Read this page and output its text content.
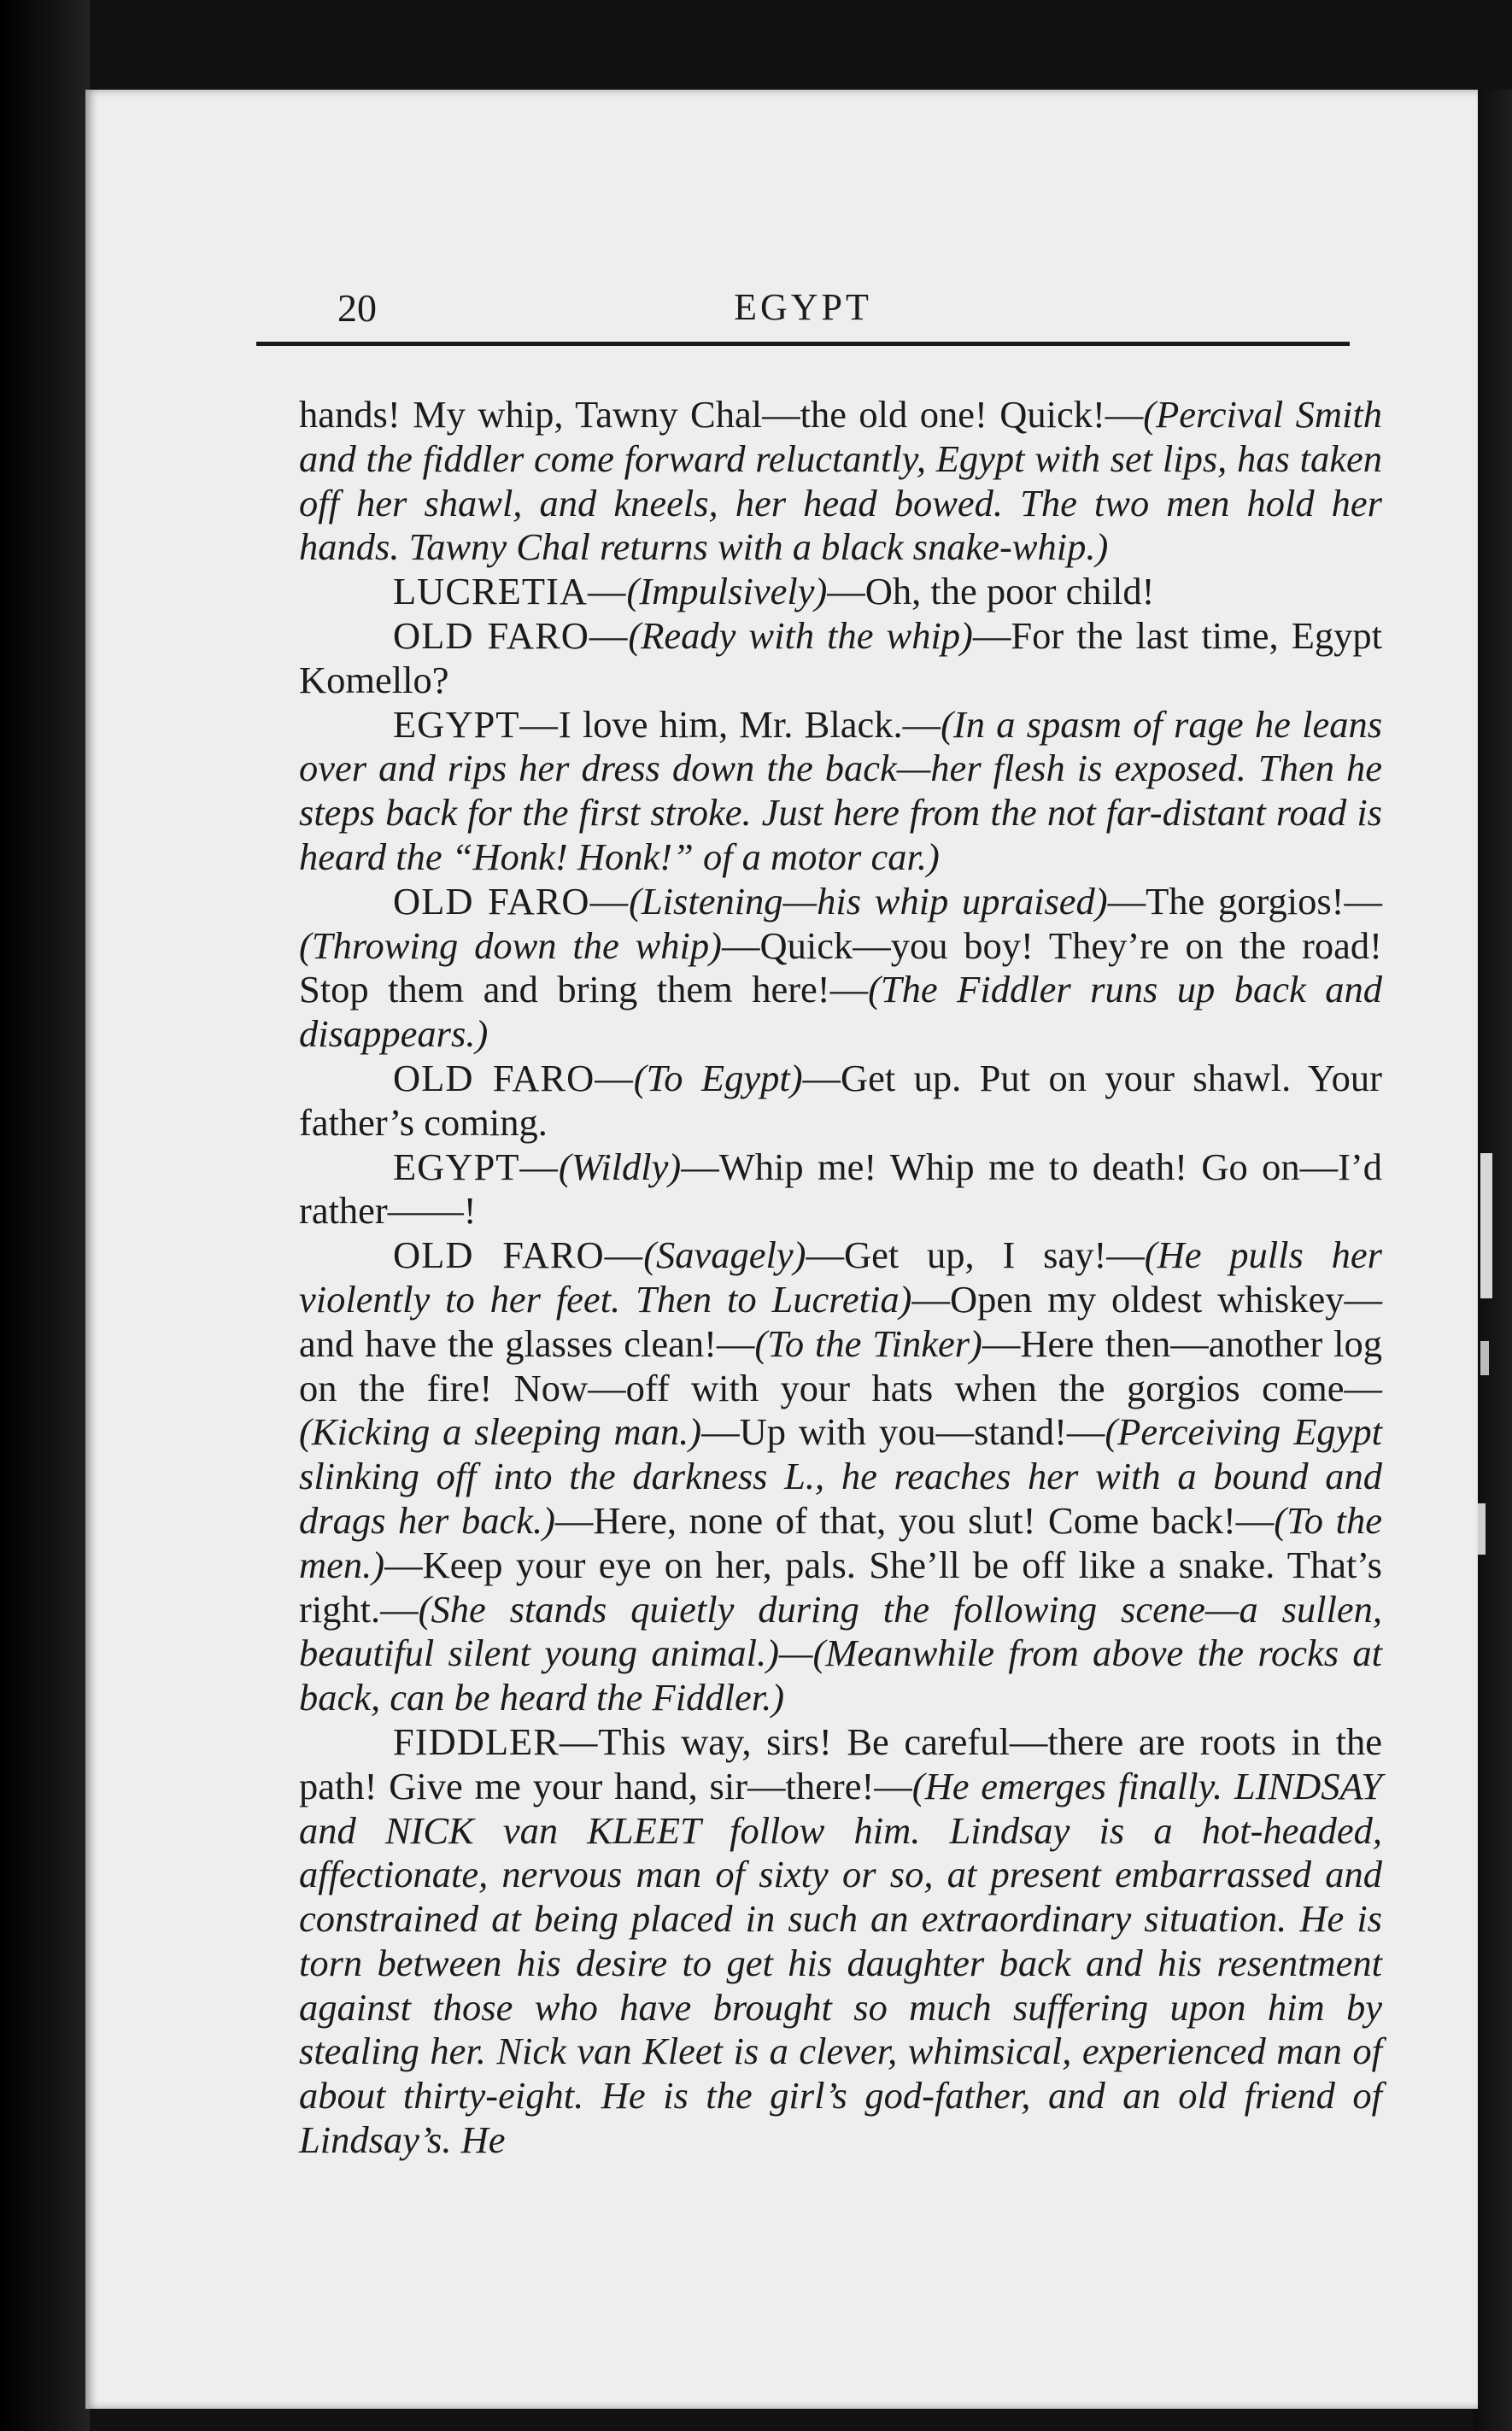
20	EGYPT

hands! My whip, Tawny Chal—the old one! Quick!—(Percival Smith and the fiddler come forward reluctantly, Egypt with set lips, has taken off her shawl, and kneels, her head bowed. The two men hold her hands. Tawny Chal returns with a black snake-whip.)

LUCRETIA—(Impulsively)—Oh, the poor child!

OLD FARO—(Ready with the whip)—For the last time, Egypt Komello?

EGYPT—I love him, Mr. Black.—(In a spasm of rage he leans over and rips her dress down the back—her flesh is exposed. Then he steps back for the first stroke. Just here from the not far-distant road is heard the “Honk! Honk!” of a motor car.)

OLD FARO—(Listening—his whip upraised)—The gorgios!—(Throwing down the whip)—Quick—you boy! They’re on the road! Stop them and bring them here!—(The Fiddler runs up back and disappears.)

OLD FARO—(To Egypt)—Get up. Put on your shawl. Your father’s coming.

EGYPT—(Wildly)—Whip me! Whip me to death! Go on—I’d rather——!

OLD FARO—(Savagely)—Get up, I say!—(He pulls her violently to her feet. Then to Lucretia)—Open my oldest whiskey—and have the glasses clean!—(To the Tinker)—Here then—another log on the fire! Now—off with your hats when the gorgios come—(Kicking a sleeping man.)—Up with you—stand!—(Perceiving Egypt slinking off into the darkness L., he reaches her with a bound and drags her back.)—Here, none of that, you slut! Come back!—(To the men.)—Keep your eye on her, pals. She’ll be off like a snake. That’s right.—(She stands quietly during the following scene—a sullen, beautiful silent young animal.)—(Meanwhile from above the rocks at back, can be heard the Fiddler.)

FIDDLER—This way, sirs! Be careful—there are roots in the path! Give me your hand, sir—there!—(He emerges finally. LINDSAY and NICK van KLEET follow him. Lindsay is a hot-headed, affectionate, nervous man of sixty or so, at present embarrassed and constrained at being placed in such an extraordinary situation. He is torn between his desire to get his daughter back and his resentment against those who have brought so much suffering upon him by stealing her. Nick van Kleet is a clever, whimsical, experienced man of about thirty-eight. He is the girl’s god-father, and an old friend of Lindsay’s. He
